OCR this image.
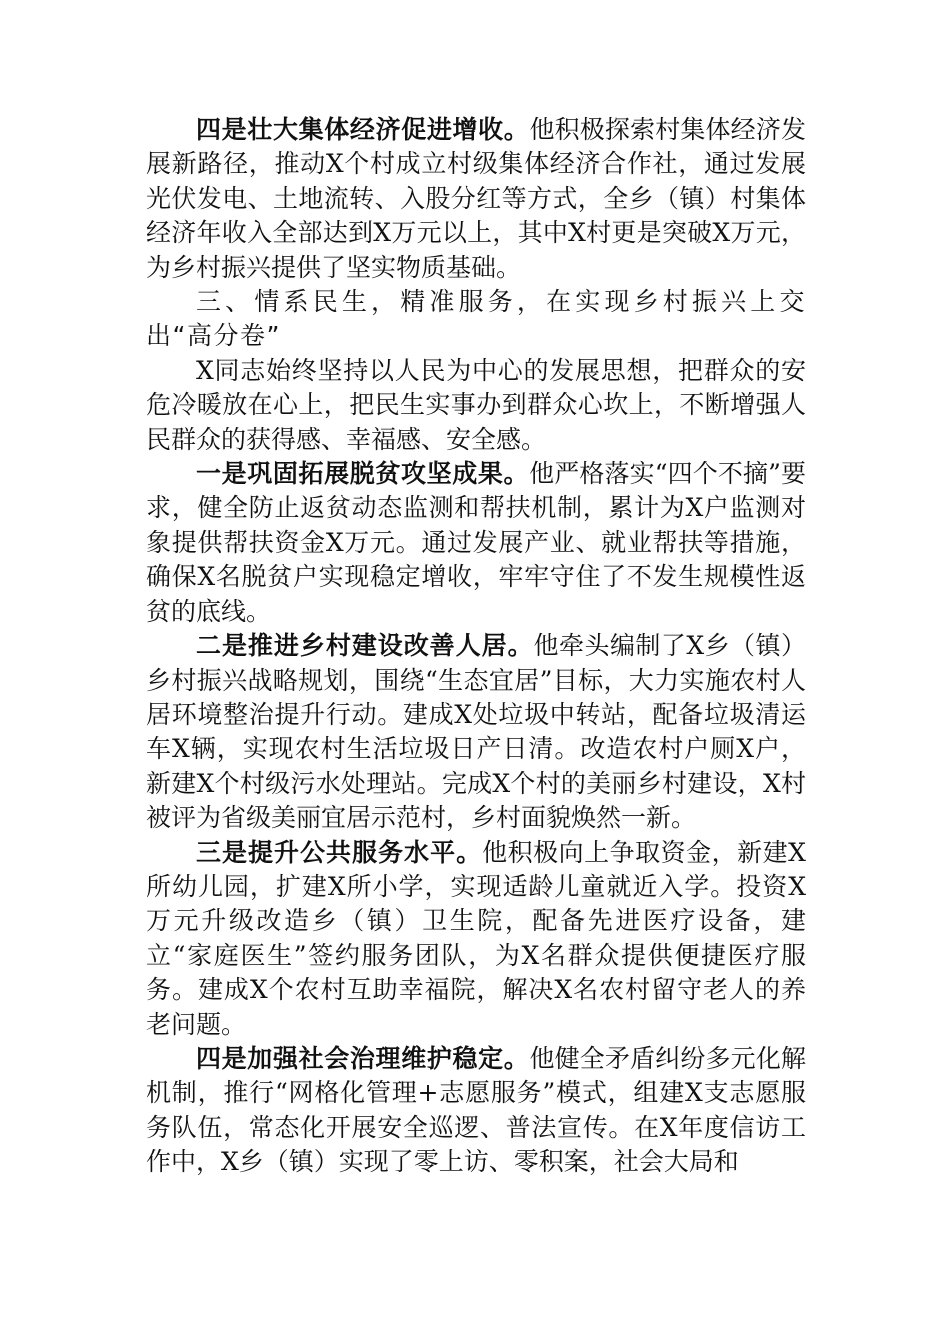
四是壮大集体经济促进增收。他积极探索村集体经济发展新路径，推动X个村成立村级集体经济合作社，通过发展光伏发电、土地流转、入股分红等方式，全乡（镇）村集体经济年收入全部达到X万元以上，其中X村更是突破X万元，为乡村振兴提供了坚实物质基础。

三、情系民生，精准服务，在实现乡村振兴上交出“高分卷”

X同志始终坚持以人民为中心的发展思想，把群众的安危冷暖放在心上，把民生实事办到群众心坎上，不断增强人民群众的获得感、幸福感、安全感。

一是巩固拓展脱贫攻坚成果。他严格落实“四个不摘”要求，健全防止返贫动态监测和帮扶机制，累计为X户监测对象提供帮扶资金X万元。通过发展产业、就业帮扶等措施，确保X名脱贫户实现稳定增收，牢牢守住了不发生规模性返贫的底线。

二是推进乡村建设改善人居。他牵头编制了X乡（镇）乡村振兴战略规划，围绕“生态宜居”目标，大力实施农村人居环境整治提升行动。建成X处垃圾中转站，配备垃圾清运车X辆，实现农村生活垃圾日产日清。改造农村户厕X户，新建X个村级污水处理站。完成X个村的美丽乡村建设，X村被评为省级美丽宜居示范村，乡村面貌焕然一新。

三是提升公共服务水平。他积极向上争取资金，新建X所幼儿园，扩建X所小学，实现适龄儿童就近入学。投资X万元升级改造乡（镇）卫生院，配备先进医疗设备，建立“家庭医生”签约服务团队，为X名群众提供便捷医疗服务。建成X个农村互助幸福院，解决X名农村留守老人的养老问题。

四是加强社会治理维护稳定。他健全矛盾纠纷多元化解机制，推行“网格化管理+志愿服务”模式，组建X支志愿服务队伍，常态化开展安全巡逻、普法宣传。在X年度信访工作中，X乡（镇）实现了零上访、零积案，社会大局和
